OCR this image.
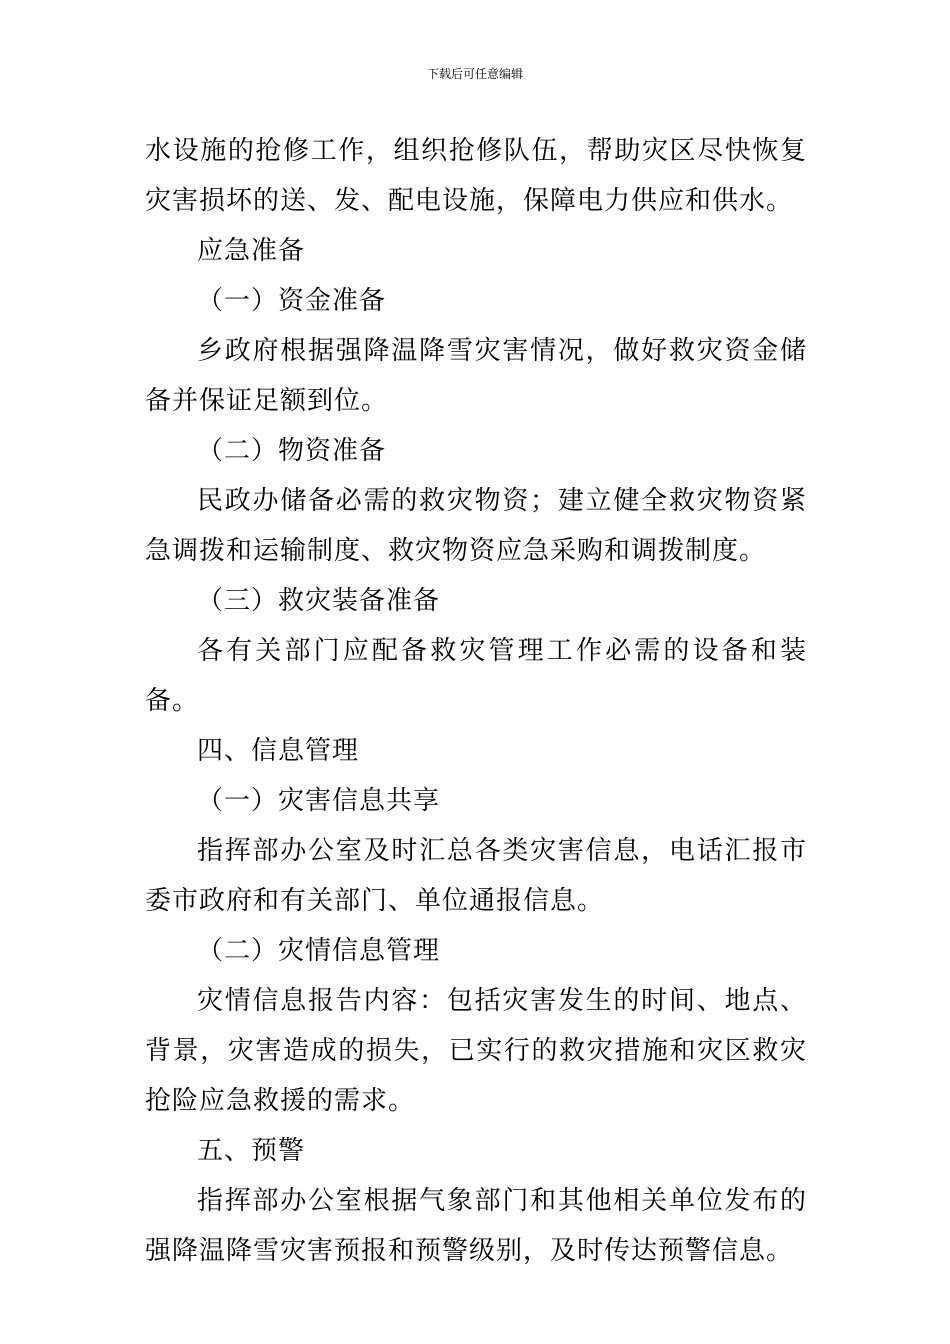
下载后可任意编辑

水设施的抢修工作，组织抢修队伍，帮助灾区尽快恢复灾害损坏的送、发、配电设施，保障电力供应和供水。

应急准备

（一）资金准备

乡政府根据强降温降雪灾害情况，做好救灾资金储备并保证足额到位。

（二）物资准备

民政办储备必需的救灾物资；建立健全救灾物资紧急调拨和运输制度、救灾物资应急采购和调拨制度。

（三）救灾装备准备

各有关部门应配备救灾管理工作必需的设备和装备。

四、信息管理

（一）灾害信息共享

指挥部办公室及时汇总各类灾害信息，电话汇报市委市政府和有关部门、单位通报信息。

（二）灾情信息管理

灾情信息报告内容：包括灾害发生的时间、地点、背景，灾害造成的损失，已实行的救灾措施和灾区救灾抢险应急救援的需求。

五、预警

指挥部办公室根据气象部门和其他相关单位发布的强降温降雪灾害预报和预警级别，及时传达预警信息。
